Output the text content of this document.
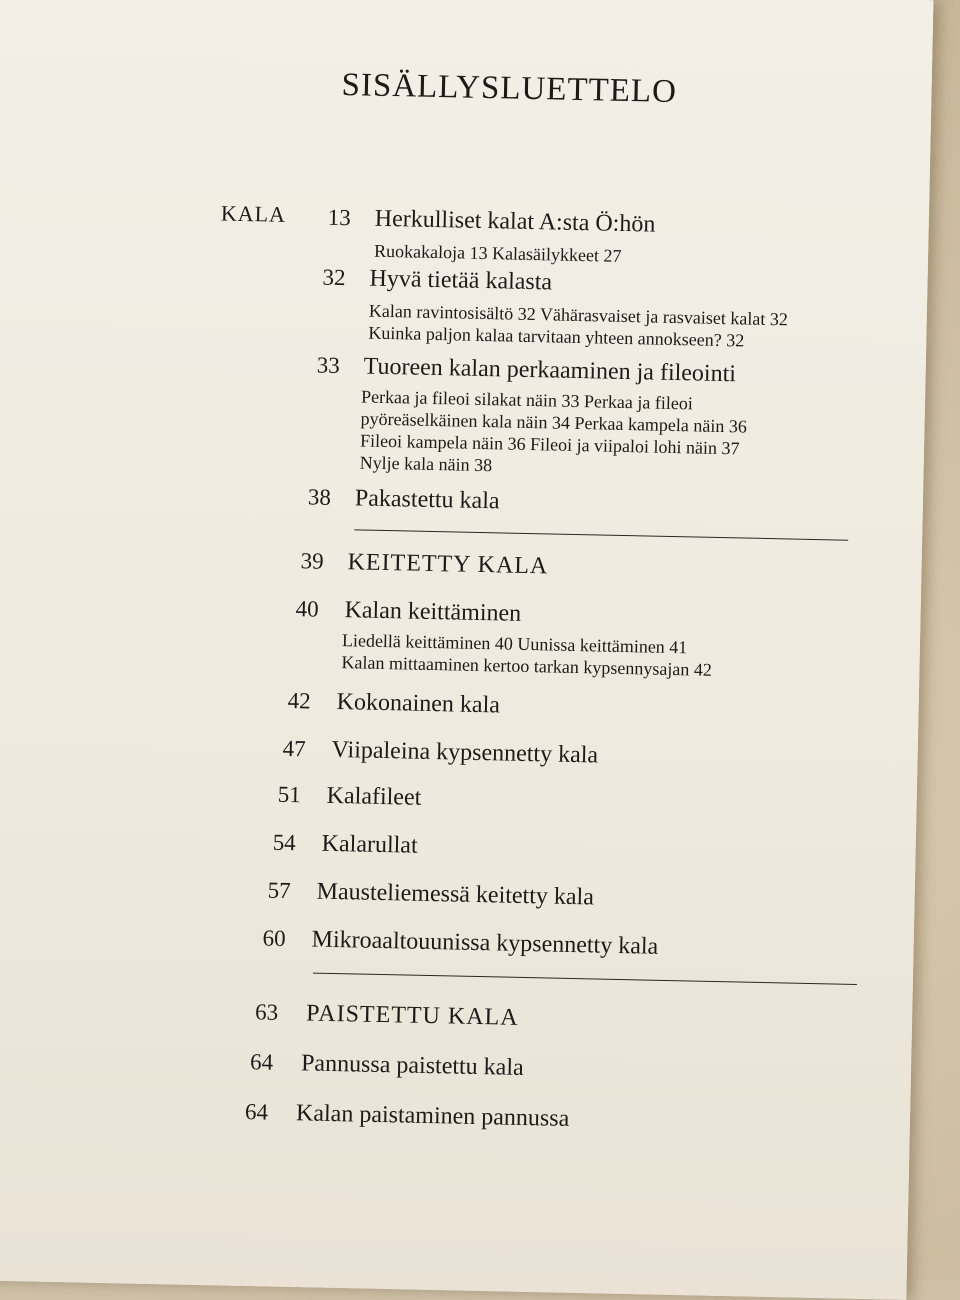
SISÄLLYSLUETTELO
KALA	13 Herkulliset kalat A:sta Ö:hön
Ruokakaloja 13 Kalasäilykkeet 27
32 Hyvä tietää kalasta
Kalan ravintosisältö 32 Vähärasvaiset ja rasvaiset kalat 32
Kuinka paljon kalaa tarvitaan yhteen annokseen? 32
33 Tuoreen kalan perkaaminen ja fileointi
Perkaa ja fileoi silakat näin 33 Perkaa ja fileoi
pyöreäselkäinen kala näin 34 Perkaa kampela näin 36
Fileoi kampela näin 36 Fileoi ja viipaloi lohi näin 37
Nylje kala näin 38
38 Pakastettu kala
39 KEITETTY KALA
40 Kalan keittäminen
Liedellä keittäminen 40 Uunissa keittäminen 41
Kalan mittaaminen kertoo tarkan kypsennysajan 42
42 Kokonainen kala
47 Viipaleina kypsennetty kala
51 Kalafileet
54 Kalarullat
57 Mausteliemessä keitetty kala
60 Mikroaaltouunissa kypsennetty kala
63 PAISTETTU KALA
64 Pannussa paistettu kala
64 Kalan paistaminen pannussa
